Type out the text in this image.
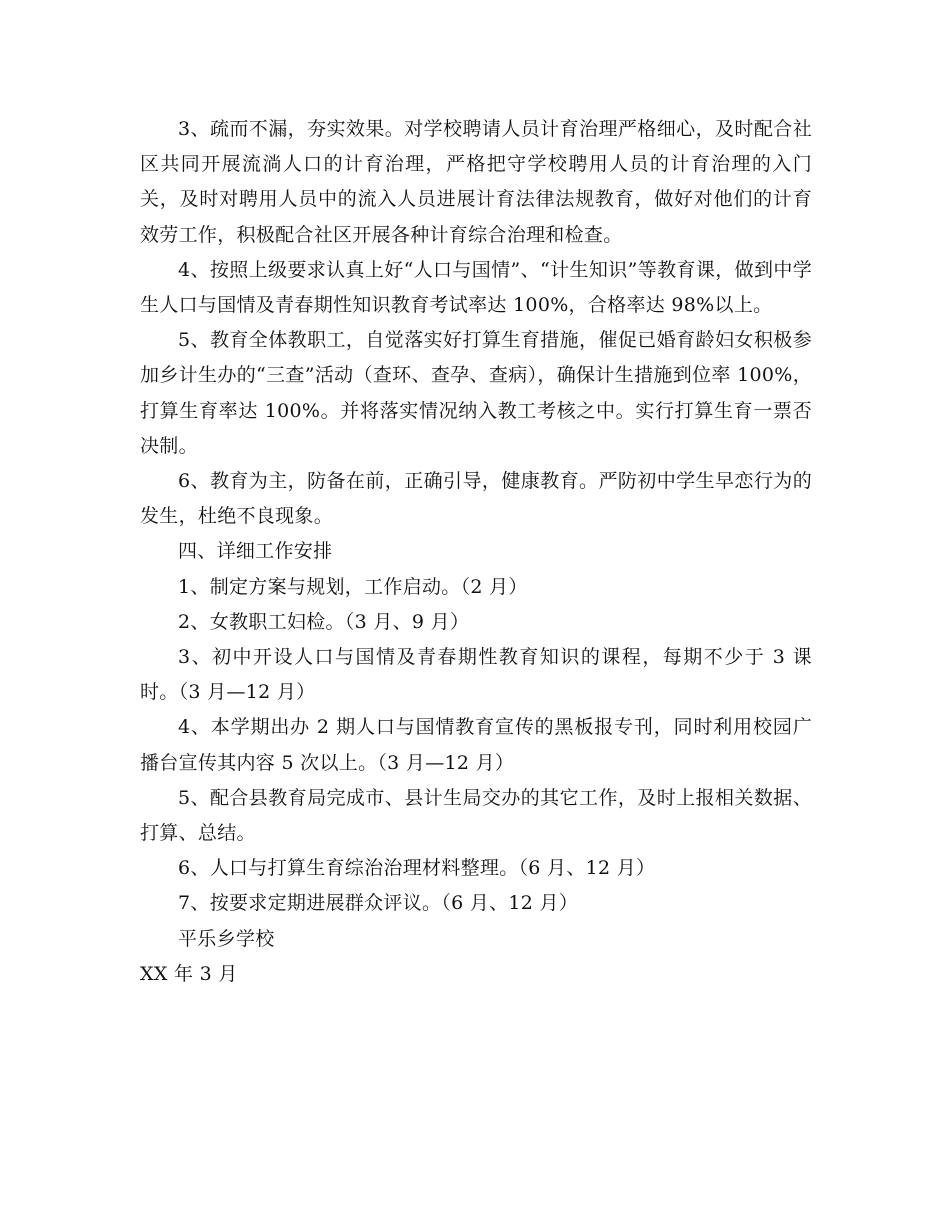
3、疏而不漏，夯实效果。对学校聘请人员计育治理严格细心，及时配合社区共同开展流淌人口的计育治理，严格把守学校聘用人员的计育治理的入门关，及时对聘用人员中的流入人员进展计育法律法规教育，做好对他们的计育效劳工作，积极配合社区开展各种计育综合治理和检查。

4、按照上级要求认真上好“人口与国情”、“计生知识”等教育课，做到中学生人口与国情及青春期性知识教育考试率达 100%，合格率达 98%以上。

5、教育全体教职工，自觉落实好打算生育措施，催促已婚育龄妇女积极参加乡计生办的“三查”活动（查环、查孕、查病），确保计生措施到位率 100%，打算生育率达 100%。并将落实情况纳入教工考核之中。实行打算生育一票否决制。

6、教育为主，防备在前，正确引导，健康教育。严防初中学生早恋行为的发生，杜绝不良现象。

四、详细工作安排

1、制定方案与规划，工作启动。（2 月）

2、女教职工妇检。（3 月、9 月）

3、初中开设人口与国情及青春期性教育知识的课程，每期不少于 3 课时。（3 月—12 月）

4、本学期出办 2 期人口与国情教育宣传的黑板报专刊，同时利用校园广播台宣传其内容 5 次以上。（3 月—12 月）

5、配合县教育局完成市、县计生局交办的其它工作，及时上报相关数据、打算、总结。

6、人口与打算生育综治治理材料整理。（6 月、12 月）

7、按要求定期进展群众评议。（6 月、12 月）

平乐乡学校

XX 年 3 月
